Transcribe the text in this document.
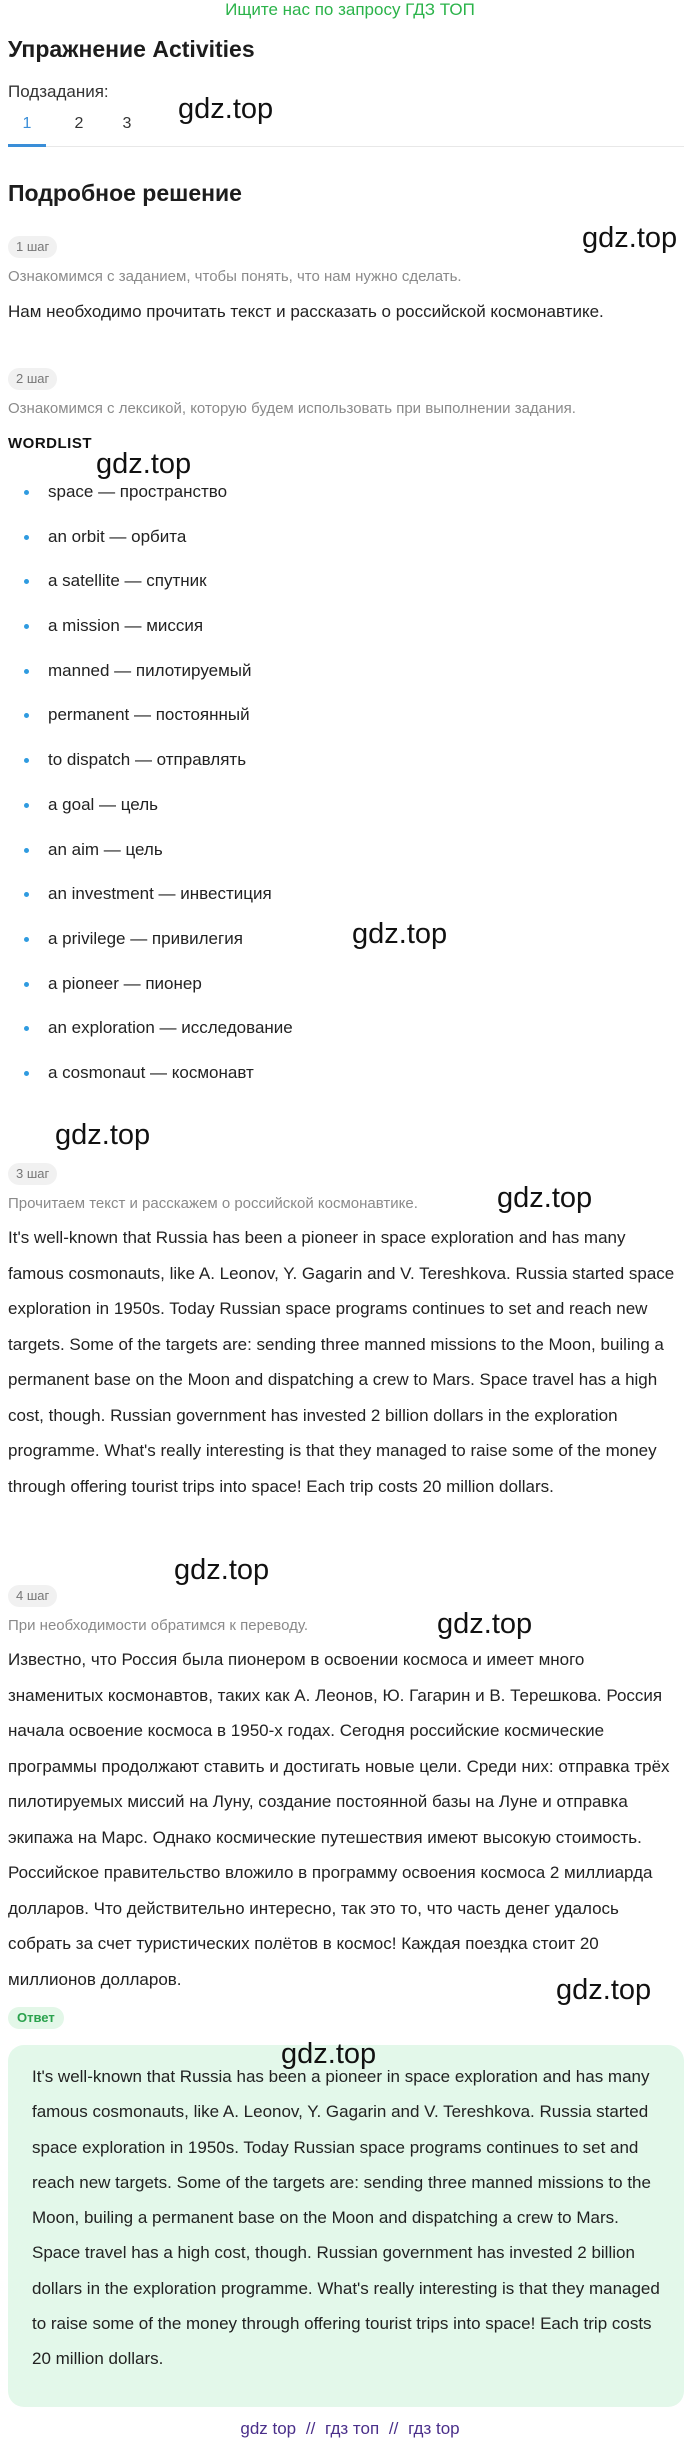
Ищите нас по запросу ГДЗ ТОП
Упражнение Activities
Подзадания:
1	2	3
Подробное решение
1 шаг
Ознакомимся с заданием, чтобы понять, что нам нужно сделать.

Нам необходимо прочитать текст и рассказать о российской космонавтике.

2 шаг
Ознакомимся с лексикой, которую будем использовать при выполнении задания.
WORDLIST
space — пространство
an orbit — орбита
a satellite — спутник
a mission — миссия
manned — пилотируемый
permanent — постоянный
to dispatch — отправлять
a goal — цель
an aim — цель
an investment — инвестиция
a privilege — привилегия
a pioneer — пионер
an exploration — исследование
a cosmonaut — космонавт
3 шаг
Прочитаем текст и расскажем о российской космонавтике.

It's well-known that Russia has been a pioneer in space exploration and has many famous cosmonauts, like A. Leonov, Y. Gagarin and V. Tereshkova. Russia started space exploration in 1950s. Today Russian space programs continues to set and reach new targets. Some of the targets are: sending three manned missions to the Moon, builing a permanent base on the Moon and dispatching a crew to Mars. Space travel has a high cost, though. Russian government has invested 2 billion dollars in the exploration programme. What's really interesting is that they managed to raise some of the money through offering tourist trips into space! Each trip costs 20 million dollars.

4 шаг
При необходимости обратимся к переводу.

Известно, что Россия была пионером в освоении космоса и имеет много знаменитых космонавтов, таких как А. Леонов, Ю. Гагарин и В. Терешкова. Россия начала освоение космоса в 1950-х годах. Сегодня российские космические программы продолжают ставить и достигать новые цели. Среди них: отправка трёх пилотируемых миссий на Луну, создание постоянной базы на Луне и отправка экипажа на Марс. Однако космические путешествия имеют высокую стоимость. Российское правительство вложило в программу освоения космоса 2 миллиарда долларов. Что действительно интересно, так это то, что часть денег удалось собрать за счет туристических полётов в космос! Каждая поездка стоит 20 миллионов долларов.

Ответ

It's well-known that Russia has been a pioneer in space exploration and has many famous cosmonauts, like A. Leonov, Y. Gagarin and V. Tereshkova. Russia started space exploration in 1950s. Today Russian space programs continues to set and reach new targets. Some of the targets are: sending three manned missions to the Moon, builing a permanent base on the Moon and dispatching a crew to Mars. Space travel has a high cost, though. Russian government has invested 2 billion dollars in the exploration programme. What's really interesting is that they managed to raise some of the money through offering tourist trips into space! Each trip costs 20 million dollars.

gdz top // гдз топ // гдз top
gdz.top
gdz.top
gdz.top
gdz.top
gdz.top
gdz.top
gdz.top
gdz.top
gdz.top
gdz.top
